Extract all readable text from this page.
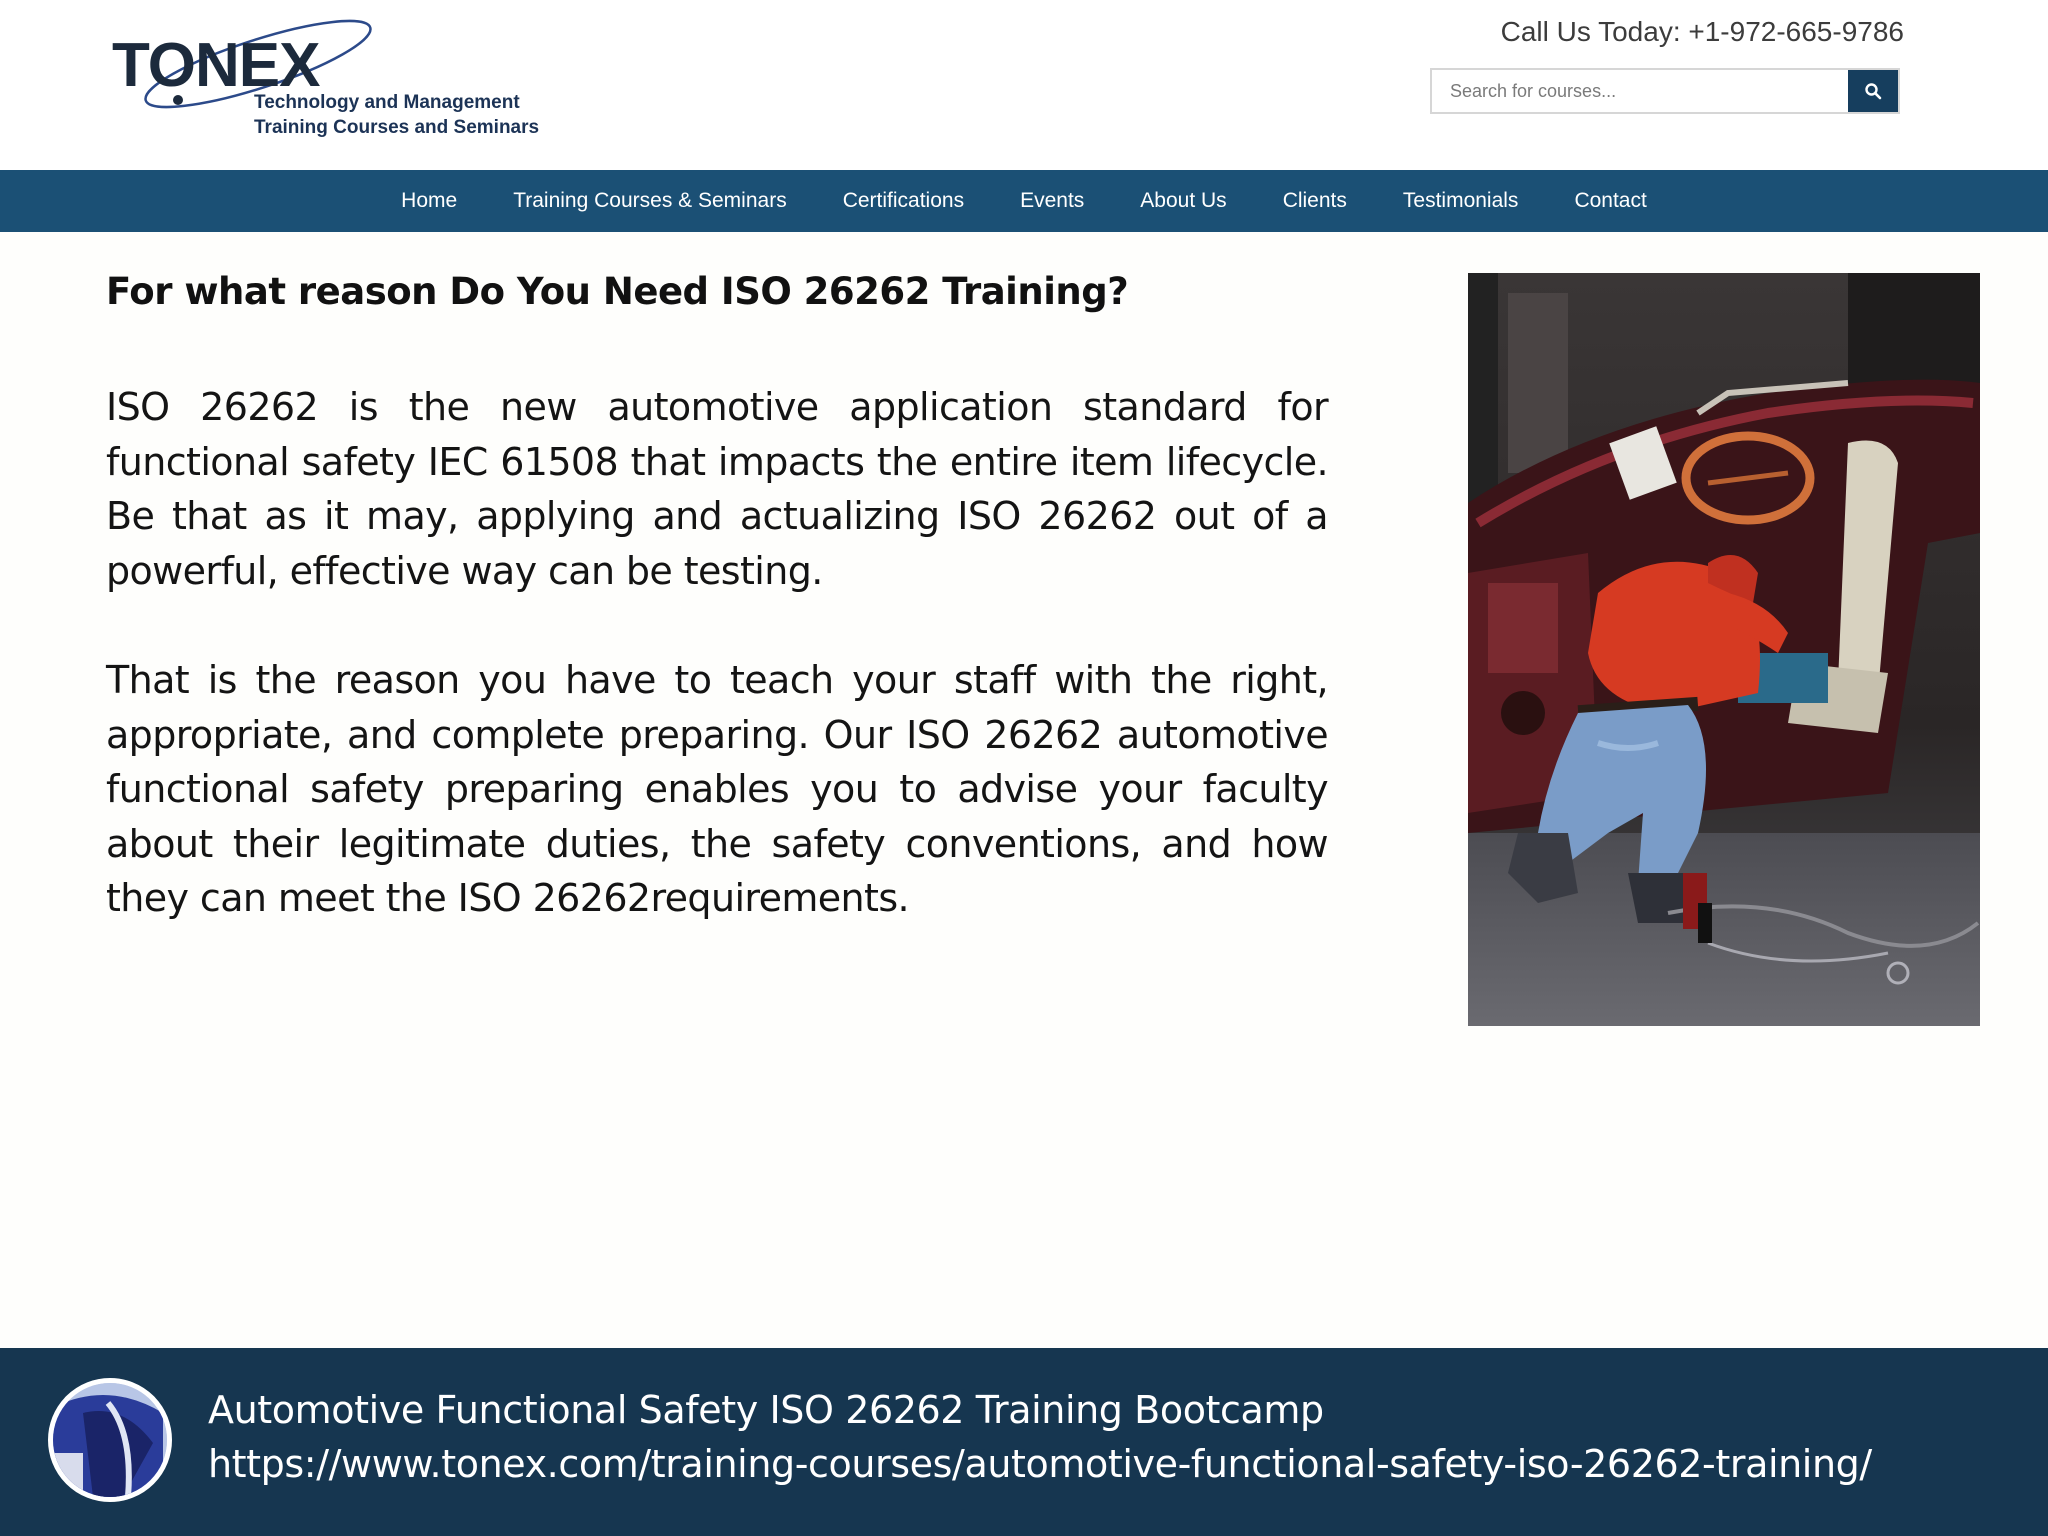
TONEX
Technology and Management
Training Courses and Seminars
Call Us Today: +1-972-665-9786
Search for courses...
Home	Training Courses & Seminars	Certifications	Events	About Us	Clients	Testimonials	Contact
For what reason Do You Need ISO 26262 Training?

ISO 26262 is the new automotive application standard for functional safety IEC 61508 that impacts the entire item lifecycle. Be that as it may, applying and actualizing ISO 26262 out of a powerful, effective way can be testing.

That is the reason you have to teach your staff with the right, appropriate, and complete preparing. Our ISO 26262 automotive functional safety preparing enables you to advise your faculty about their legitimate duties, the safety conventions, and how they can meet the ISO 26262requirements.

Automotive Functional Safety ISO 26262 Training Bootcamp
https://www.tonex.com/training-courses/automotive-functional-safety-iso-26262-training/
